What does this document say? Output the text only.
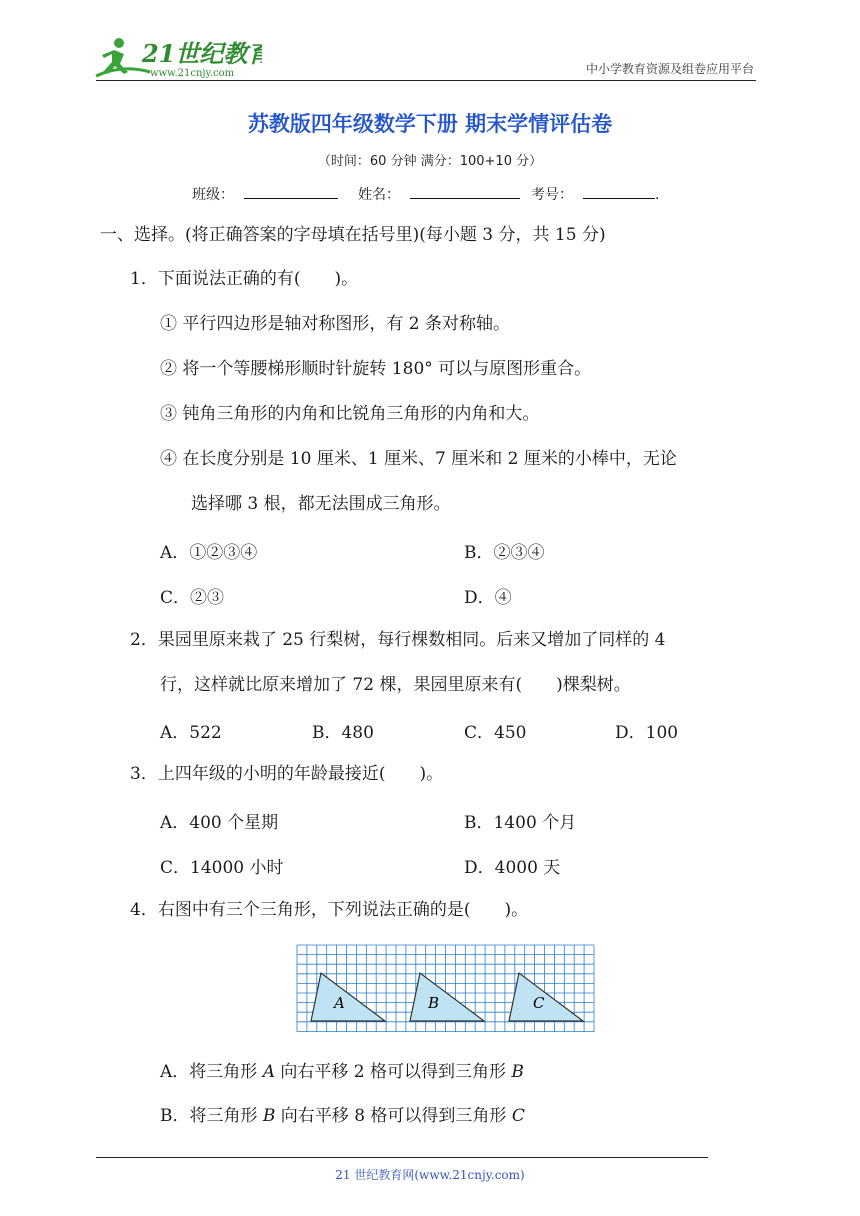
21世纪教育
www.21cnjy.com	中小学教育资源及组卷应用平台
苏教版四年级数学下册 期末学情评估卷
（时间：60 分钟 满分：100+10 分）
班级：	姓名：	考号：	.
一、选择。(将正确答案的字母填在括号里)(每小题 3 分，共 15 分)
1．下面说法正确的有(　　)。
① 平行四边形是轴对称图形，有 2 条对称轴。
② 将一个等腰梯形顺时针旋转 180° 可以与原图形重合。
③ 钝角三角形的内角和比锐角三角形的内角和大。
④ 在长度分别是 10 厘米、1 厘米、7 厘米和 2 厘米的小棒中，无论
选择哪 3 根，都无法围成三角形。
A．①②③④	B．②③④
C．②③	D．④
2．果园里原来栽了 25 行梨树，每行棵数相同。后来又增加了同样的 4
行，这样就比原来增加了 72 棵，果园里原来有(　　)棵梨树。
A．522	B．480	C．450	D．100
3．上四年级的小明的年龄最接近(　　)。
A．400 个星期	B．1400 个月
C．14000 小时	D．4000 天
4．右图中有三个三角形，下列说法正确的是(　　)。
A	B	C
A．将三角形 A 向右平移 2 格可以得到三角形 B
B．将三角形 B 向右平移 8 格可以得到三角形 C
21 世纪教育网(www.21cnjy.com)
